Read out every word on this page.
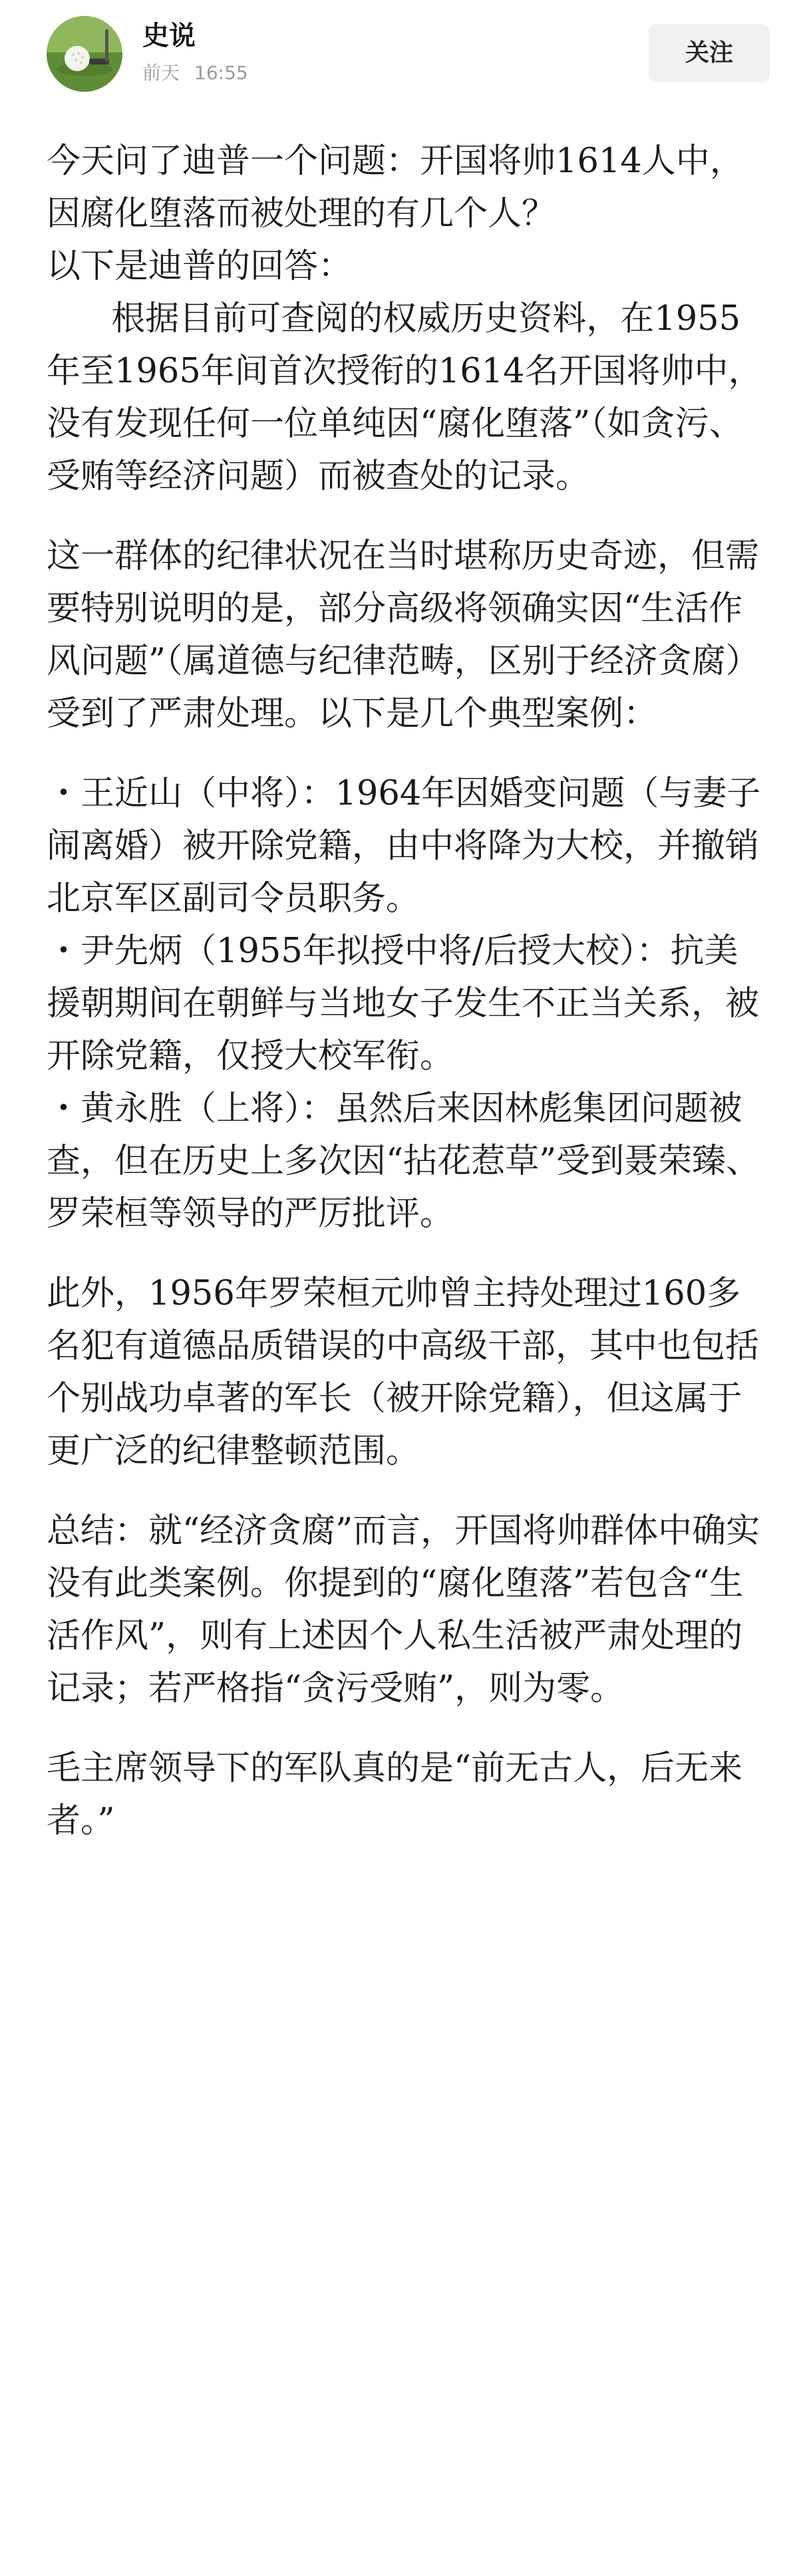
史说
前天 16:55
关注

今天问了迪普一个问题：开国将帅1614人中，因腐化堕落而被处理的有几个人？

以下是迪普的回答：

根据目前可查阅的权威历史资料，在1955年至1965年间首次授衔的1614名开国将帅中，没有发现任何一位单纯因“腐化堕落”（如贪污、受贿等经济问题）而被查处的记录。

这一群体的纪律状况在当时堪称历史奇迹，但需要特别说明的是，部分高级将领确实因“生活作风问题”（属道德与纪律范畴，区别于经济贪腐）受到了严肃处理。以下是几个典型案例：

・王近山（中将）：1964年因婚变问题（与妻子闹离婚）被开除党籍，由中将降为大校，并撤销北京军区副司令员职务。

・尹先炳（1955年拟授中将/后授大校）：抗美援朝期间在朝鲜与当地女子发生不正当关系，被开除党籍，仅授大校军衔。

・黄永胜（上将）：虽然后来因林彪集团问题被查，但在历史上多次因“拈花惹草”受到聂荣臻、罗荣桓等领导的严厉批评。

此外，1956年罗荣桓元帅曾主持处理过160多名犯有道德品质错误的中高级干部，其中也包括个别战功卓著的军长（被开除党籍），但这属于更广泛的纪律整顿范围。

总结：就“经济贪腐”而言，开国将帅群体中确实没有此类案例。你提到的“腐化堕落”若包含“生活作风”，则有上述因个人私生活被严肃处理的记录；若严格指“贪污受贿”，则为零。

毛主席领导下的军队真的是“前无古人，后无来者。”
